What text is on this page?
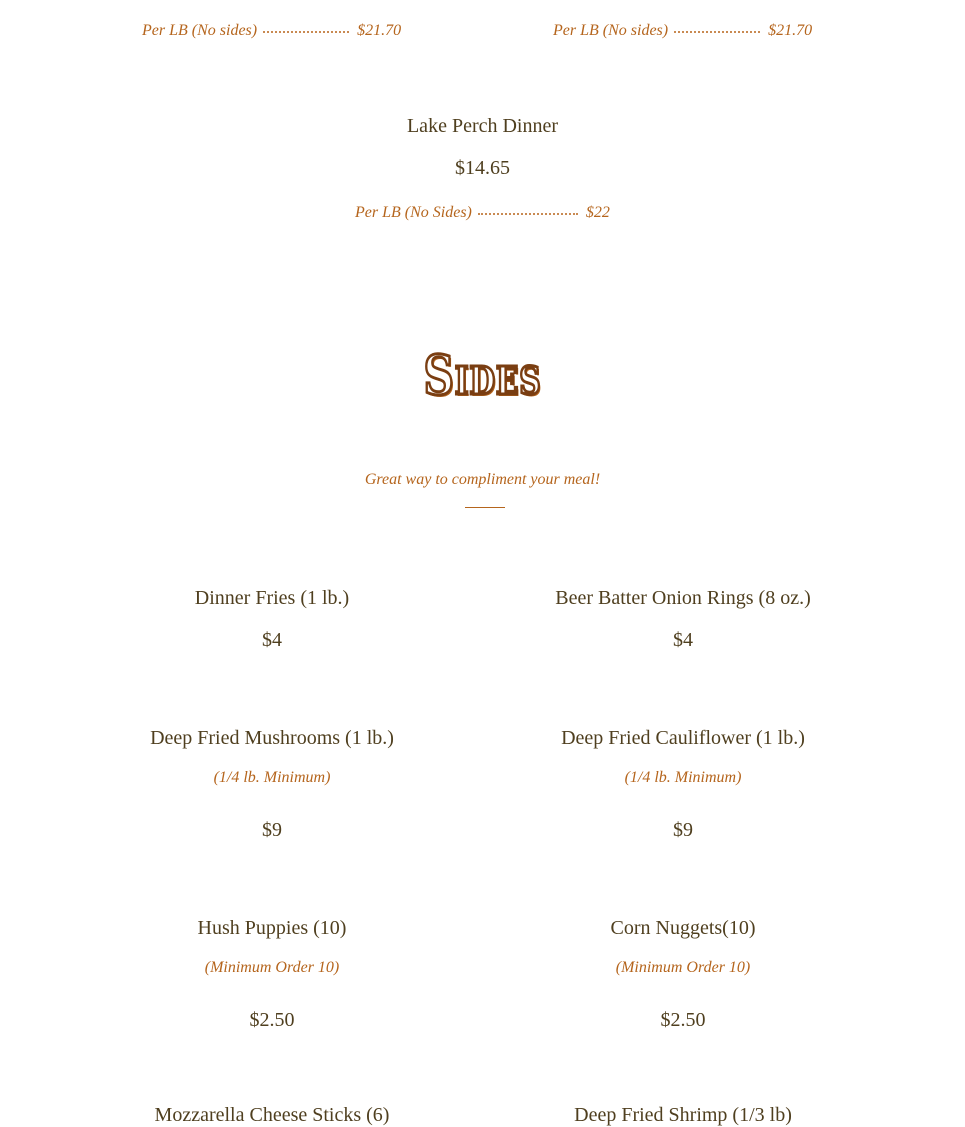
Per LB (No sides)	$21.70	Per LB (No sides)	$21.70
Lake Perch Dinner
$14.65
Per LB (No Sides)	$22
Sides
Great way to compliment your meal!
Dinner Fries (1 lb.)
$4
Beer Batter Onion Rings (8 oz.)
$4
Deep Fried Mushrooms (1 lb.)
(1/4 lb. Minimum)
$9
Deep Fried Cauliflower (1 lb.)
(1/4 lb. Minimum)
$9
Hush Puppies (10)
(Minimum Order 10)
$2.50
Corn Nuggets(10)
(Minimum Order 10)
$2.50
Mozzarella Cheese Sticks (6)	Deep Fried Shrimp (1/3 lb)
